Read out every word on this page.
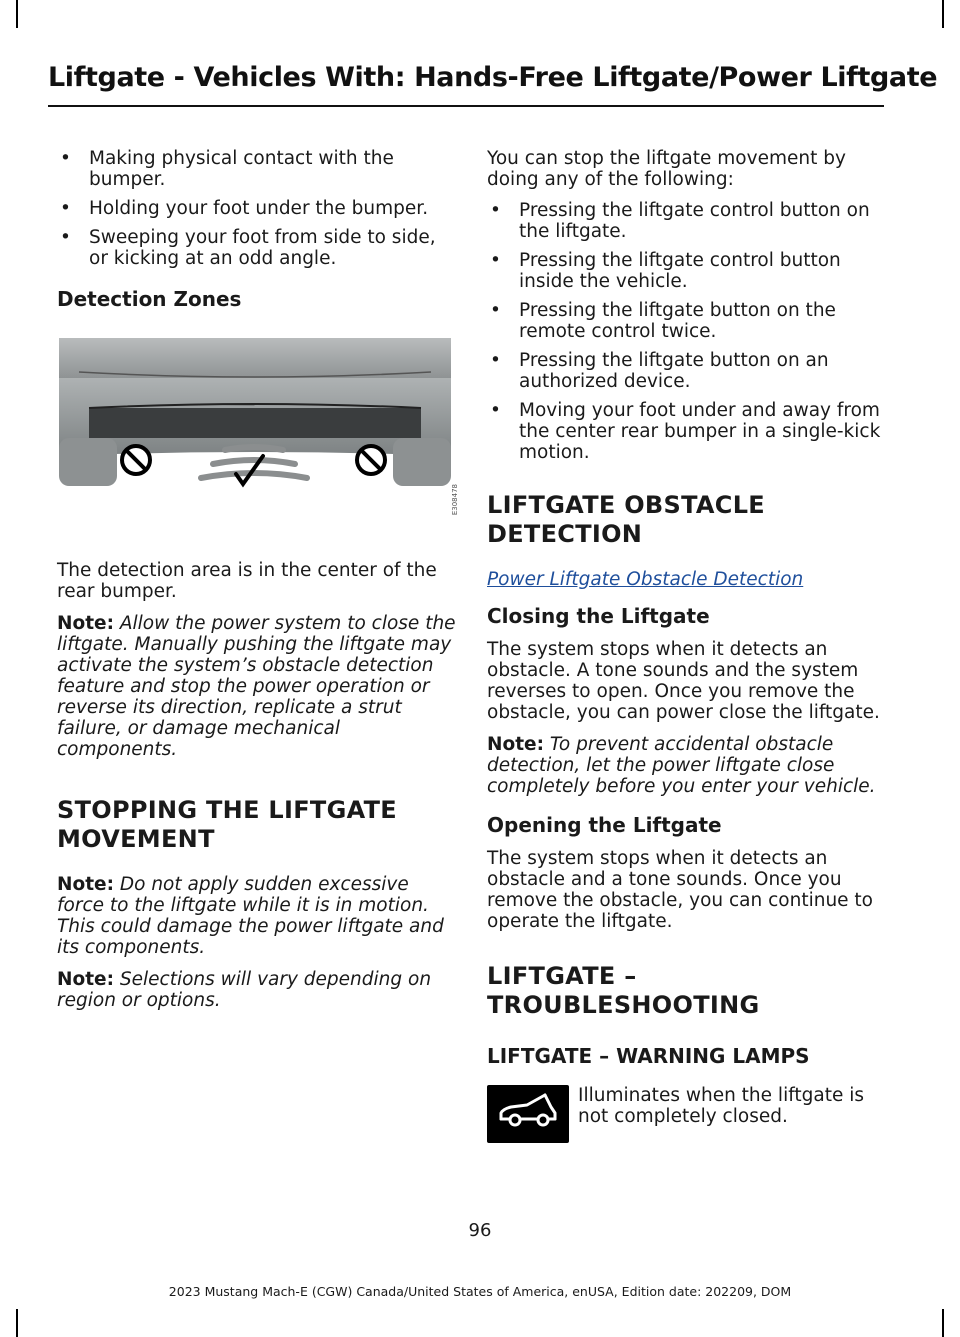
Liftgate - Vehicles With: Hands-Free Liftgate/Power Liftgate
• Making physical contact with the bumper.
• Holding your foot under the bumper.
• Sweeping your foot from side to side, or kicking at an odd angle.

Detection Zones

E308478

The detection area is in the center of the rear bumper.

Note: Allow the power system to close the liftgate. Manually pushing the liftgate may activate the system’s obstacle detection feature and stop the power operation or reverse its direction, replicate a strut failure, or damage mechanical components.

STOPPING THE LIFTGATE

MOVEMENT

Note: Do not apply sudden excessive force to the liftgate while it is in motion. This could damage the power liftgate and its components.

Note: Selections will vary depending on region or options.

You can stop the liftgate movement by doing any of the following:

• Pressing the liftgate control button on the liftgate.
• Pressing the liftgate control button inside the vehicle.
• Pressing the liftgate button on the remote control twice.
• Pressing the liftgate button on an authorized device.
• Moving your foot under and away from the center rear bumper in a single-kick motion.

LIFTGATE OBSTACLE

DETECTION

Power Liftgate Obstacle Detection

Closing the Liftgate

The system stops when it detects an obstacle. A tone sounds and the system reverses to open. Once you remove the obstacle, you can power close the liftgate.

Note: To prevent accidental obstacle detection, let the power liftgate close completely before you enter your vehicle.

Opening the Liftgate

The system stops when it detects an obstacle and a tone sounds. Once you remove the obstacle, you can continue to operate the liftgate.

LIFTGATE –

TROUBLESHOOTING

LIFTGATE – WARNING LAMPS

Illuminates when the liftgate is not completely closed.

96
2023 Mustang Mach-E (CGW) Canada/United States of America, enUSA, Edition date: 202209, DOM
